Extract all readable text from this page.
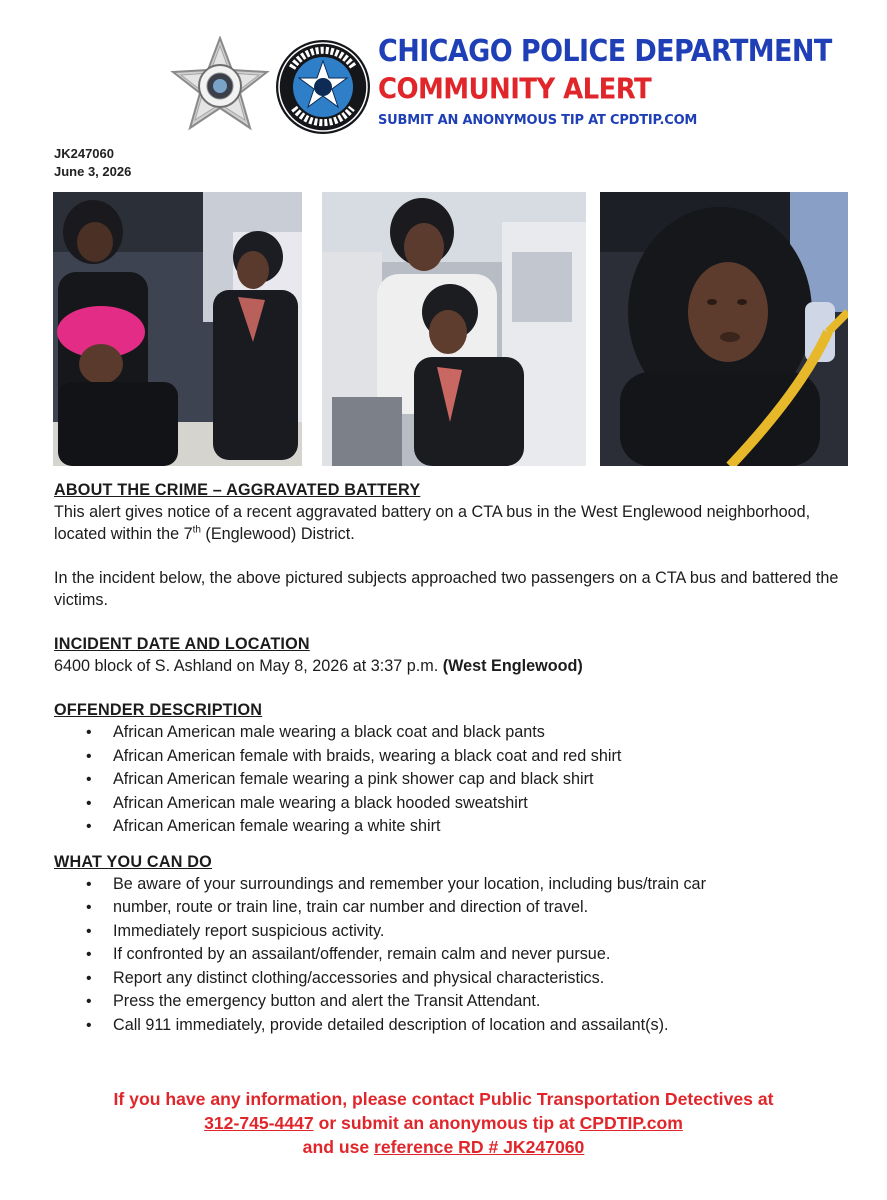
CHICAGO POLICE DEPARTMENT
COMMUNITY ALERT
SUBMIT AN ANONYMOUS TIP AT CPDTIP.COM
JK247060
June 3, 2026
ABOUT THE CRIME – AGGRAVATED BATTERY
This alert gives notice of a recent aggravated battery on a CTA bus in the West Englewood neighborhood, located within the 7th (Englewood) District.
In the incident below, the above pictured subjects approached two passengers on a CTA bus and battered the victims.
INCIDENT DATE AND LOCATION
6400 block of S. Ashland on May 8, 2026 at 3:37 p.m. (West Englewood)
OFFENDER DESCRIPTION
• African American male wearing a black coat and black pants
• African American female with braids, wearing a black coat and red shirt
• African American female wearing a pink shower cap and black shirt
• African American male wearing a black hooded sweatshirt
• African American female wearing a white shirt
WHAT YOU CAN DO
• Be aware of your surroundings and remember your location, including bus/train car
• number, route or train line, train car number and direction of travel.
• Immediately report suspicious activity.
• If confronted by an assailant/offender, remain calm and never pursue.
• Report any distinct clothing/accessories and physical characteristics.
• Press the emergency button and alert the Transit Attendant.
• Call 911 immediately, provide detailed description of location and assailant(s).
If you have any information, please contact Public Transportation Detectives at
312-745-4447 or submit an anonymous tip at CPDTIP.com
and use reference RD # JK247060
